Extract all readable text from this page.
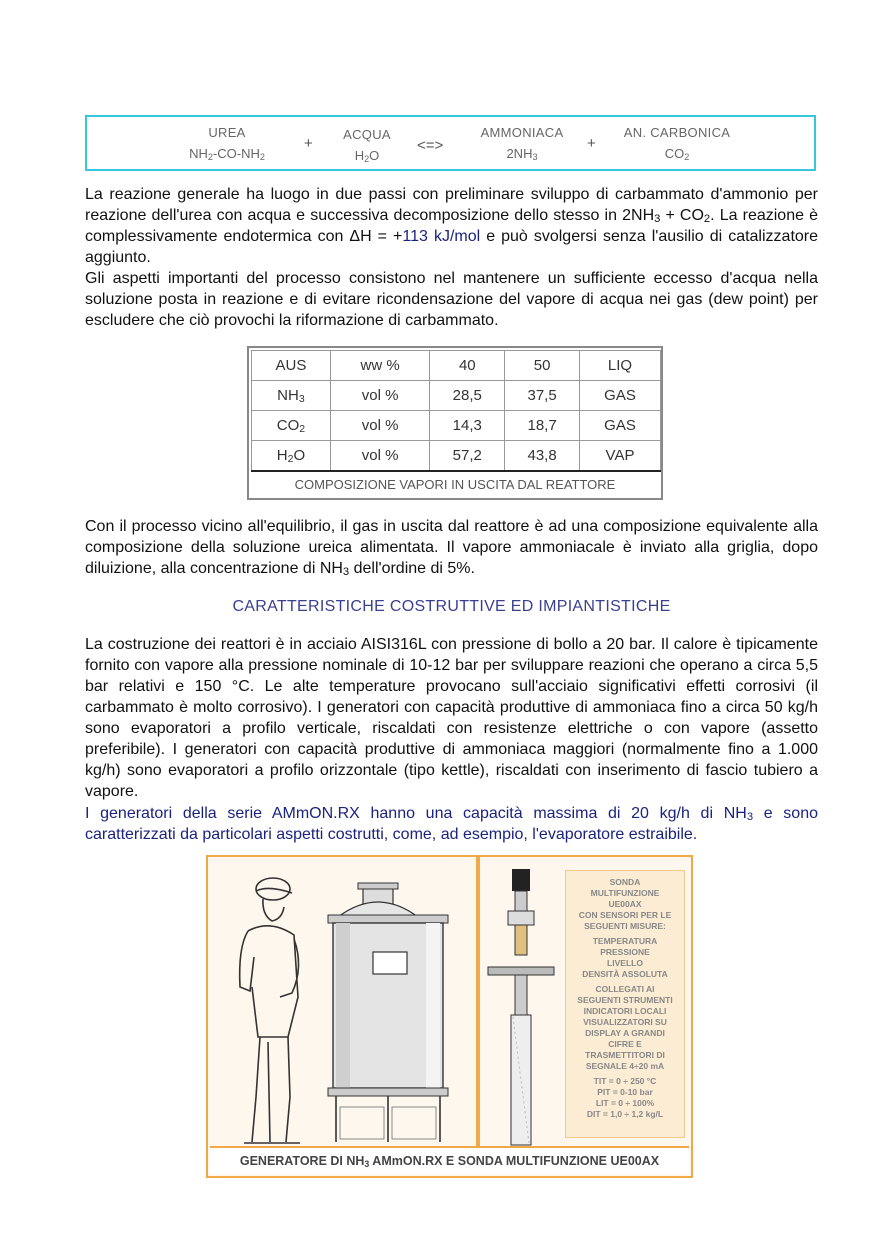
UREA
$NH_2-CO-NH_2$
+
ACQUA
$H_2O$
<=>
AMMONIACA
$2NH_3$
+
AN. CARBONICA
$CO_2$

La reazione generale ha luogo in due passi con preliminare sviluppo di carbammato d'ammonio per reazione dell'urea con acqua e successiva decomposizione dello stesso in $2NH_3 + CO_2$. La reazione è complessivamente endotermica con ΔH = +113 kJ/mol e può svolgersi senza l'ausilio di catalizzatore aggiunto.

Gli aspetti importanti del processo consistono nel mantenere un sufficiente eccesso d'acqua nella soluzione posta in reazione e di evitare ricondensazione del vapore di acqua nei gas (dew point) per escludere che ciò provochi la riformazione di carbammato.

AUS	ww %	40	50	LIQ
$NH_3$	vol %	28,5	37,5	GAS
$CO_2$	vol %	14,3	18,7	GAS
$H_2O$	vol %	57,2	43,8	VAP
COMPOSIZIONE VAPORI IN USCITA DAL REATTORE

Con il processo vicino all'equilibrio, il gas in uscita dal reattore è ad una composizione equivalente alla composizione della soluzione ureica alimentata. Il vapore ammoniacale è inviato alla griglia, dopo diluizione, alla concentrazione di $NH_3$ dell'ordine di 5%.

CARATTERISTICHE COSTRUTTIVE ED IMPIANTISTICHE

La costruzione dei reattori è in acciaio AISI316L con pressione di bollo a 20 bar. Il calore è tipicamente fornito con vapore alla pressione nominale di 10-12 bar per sviluppare reazioni che operano a circa 5,5 bar relativi e 150 °C. Le alte temperature provocano sull'acciaio significativi effetti corrosivi (il carbammato è molto corrosivo). I generatori con capacità produttive di ammoniaca fino a circa 50 kg/h sono evaporatori a profilo verticale, riscaldati con resistenze elettriche o con vapore (assetto preferibile). I generatori con capacità produttive di ammoniaca maggiori (normalmente fino a 1.000 kg/h) sono evaporatori a profilo orizzontale (tipo kettle), riscaldati con inserimento di fascio tubiero a vapore.

I generatori della serie AMmON.RX hanno una capacità massima di 20 kg/h di $NH_3$ e sono caratterizzati da particolari aspetti costrutti, come, ad esempio, l'evaporatore estraibile.

SONDA
MULTIFUNZIONE
UE00AX
CON SENSORI PER LE
SEGUENTI MISURE:
TEMPERATURA
PRESSIONE
LIVELLO
DENSITÀ ASSOLUTA
COLLEGATI AI
SEGUENTI STRUMENTI
INDICATORI LOCALI
VISUALIZZATORI SU
DISPLAY A GRANDI
CIFRE E
TRASMETTITORI DI
SEGNALE 4÷20 mA
TIT = 0 ÷ 250 °C
PIT = 0-10 bar
LIT = 0 ÷ 100%
DIT = 1,0 ÷ 1,2 kg/L
GENERATORE DI $NH_3$ AMmON.RX E SONDA MULTIFUNZIONE UE00AX
